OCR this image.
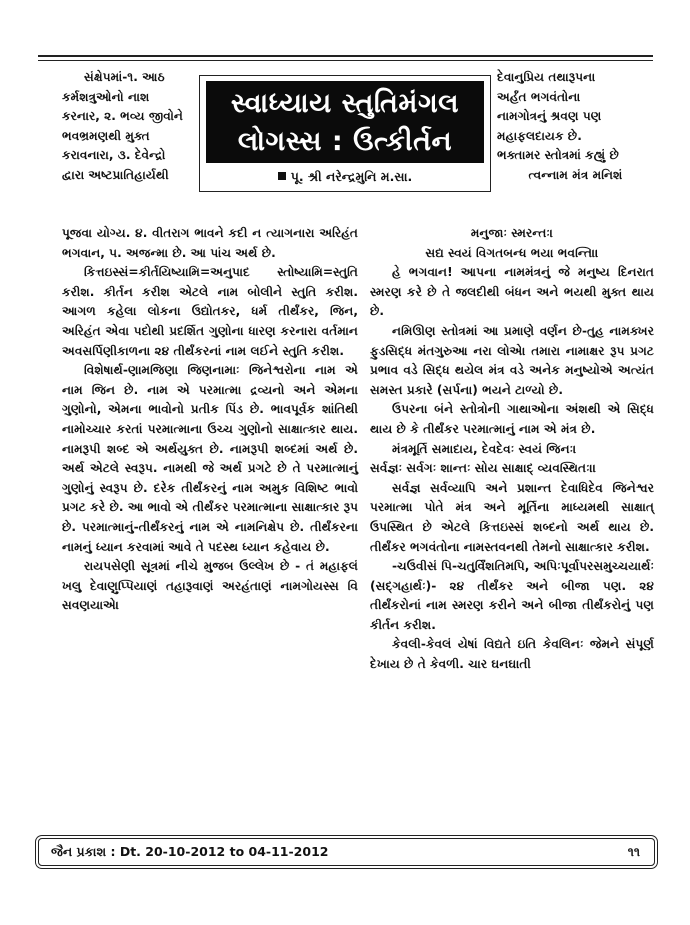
સંક્ષેપમાં-૧. આઠ

કર્મશત્રુઓનો નાશ

કરનાર, ૨. ભવ્ય જીવોને

ભવભ્રમણથી મુક્ત

કરાવનારા, ૩. દેવેન્દ્રો

દ્વારા અષ્ટપ્રાતિહાર્યથી

દેવાનુપ્રિય તથારૂપના

અર્હંત ભગવંતોના

નામગોત્રનું શ્રવણ પણ

મહાફલદાયક છે.

ભક્તામર સ્તોત્રમાં કહ્યું છે

ત્વન્નામ મંત્ર મનિશં

સ્વાધ્યાય સ્તુતિમંગલ
લોગસ્સ : ઉત્કીર્તન
પૂ. શ્રી નરેન્દ્રમુનિ મ.સા.

પૂજવા યોગ્ય. ૪. વીતરાગ ભાવને કદી ન ત્યાગનારા અરિહંત ભગવાન, ૫. અજન્મા છે. આ પાંચ અર્થ છે.

કિત્તઇસ્સં=કીર્તયિષ્યામિ=અનુપાદ સ્તોષ્યામિ=સ્તુતિ કરીશ. કીર્તન કરીશ એટલે નામ બોલીને સ્તુતિ કરીશ. આગળ કહેલા લોકના ઉદ્યોતકર, ધર્મ તીર્થંકર, જિન, અરિહંત એવા પદોથી પ્રદર્શિત ગુણોના ધારણ કરનારા વર્તમાન અવસર્પિણીકાળના ૨૪ તીર્થંકરનાં નામ લઈને સ્તુતિ કરીશ.

વિશેષાર્થ-ણામજિણા જિણનામાઃ જિનેશ્વરોના નામ એ નામ જિન છે. નામ એ પરમાત્મા દ્રવ્યનો અને એમના ગુણોનો, એમના ભાવોનો પ્રતીક પિંડ છે. ભાવપૂર્વક શાંતિથી નામોચ્ચાર કરતાં પરમાત્માના ઉચ્ચ ગુણોનો સાક્ષાત્કાર થાય. નામરૂપી શબ્દ એ અર્થયુક્ત છે. નામરૂપી શબ્દમાં અર્થ છે. અર્થ એટલે સ્વરૂપ. નામથી જે અર્થ પ્રગટે છે તે પરમાત્માનું ગુણોનું સ્વરૂપ છે. દરેક તીર્થંકરનું નામ અમુક વિશિષ્ટ ભાવો પ્રગટ કરે છે. આ ભાવો એ તીર્થંકર પરમાત્માના સાક્ષાત્કાર રૂપ છે. પરમાત્માનું-તીર્થંકરનું નામ એ નામનિક્ષેપ છે. તીર્થંકરના નામનું ધ્યાન કરવામાં આવે તે પદસ્થ ધ્યાન કહેવાય છે.

રાયપસેણી સૂત્રમાં નીચે મુજબ ઉલ્લેખ છે - તં મહાફલં ખલુ દેવાણુપ્પિયાણં તહારૂવાણં અરહંતાણં નામગોયસ્સ વિ સવણયાએ।

મનુજાઃ સ્મરન્તઃ।

સદ્ય સ્વયં વિગતબન્ધ ભયા ભવન્તિ।।

હે ભગવાન! આપના નામમંત્રનું જે મનુષ્ય દિનરાત સ્મરણ કરે છે તે જલદીથી બંધન અને ભયથી મુક્ત થાય છે.

નમિઊણ સ્તોત્રમાં આ પ્રમાણે વર્ણન છે-તુહ નામક્ખર ફુડસિદ્ધ મંતગુરુઆ નરા લોએ। તમારા નામાક્ષર રૂપ પ્રગટ પ્રભાવ વડે સિદ્ધ થયેલ મંત્ર વડે અનેક મનુષ્યોએ અત્યંત સમસ્ત પ્રકારે (સર્પના) ભયને ટાળ્યો છે.

ઉપરના બંને સ્તોત્રોની ગાથાઓના અંશથી એ સિદ્ધ થાય છે કે તીર્થંકર પરમાત્માનું નામ એ મંત્ર છે.

મંત્રમૂર્તિ સમાદાય, દેવદેવઃ સ્વયં જિનઃ।

સર્વજ્ઞઃ સર્વગઃ શાન્તઃ સોય સાક્ષાદ્ વ્યવસ્થિતઃ।।

સર્વજ્ઞ સર્વવ્યાપિ અને પ્રશાન્ત દેવાધિદેવ જિનેશ્વર પરમાત્મા પોતે મંત્ર અને મૂર્તિના માધ્યમથી સાક્ષાત્ ઉપસ્થિત છે એટલે કિત્તઇસ્સં શબ્દનો અર્થ થાય છે. તીર્થંકર ભગવંતોના નામસ્તવનથી તેમનો સાક્ષાત્કાર કરીશ.

-ચઉવીસં પિ-ચતુર્વિંશતિમપિ, અપિઃપૂર્વાપરસમુચ્ચયાર્થઃ (સદ્ગહાર્થઃ)- ૨૪ તીર્થંકર અને બીજા પણ. ૨૪ તીર્થંકરોનાં નામ સ્મરણ કરીને અને બીજા તીર્થંકરોનું પણ કીર્તન કરીશ.

કેવલી-કેવલં યેષાં વિદ્યતે ઇતિ કેવલિનઃ જેમને સંપૂર્ણ દેખાય છે તે કેવળી. ચાર ઘનઘાતી

જૈન પ્રકાશ : Dt. 20-10-2012 to 04-11-2012	૧૧
